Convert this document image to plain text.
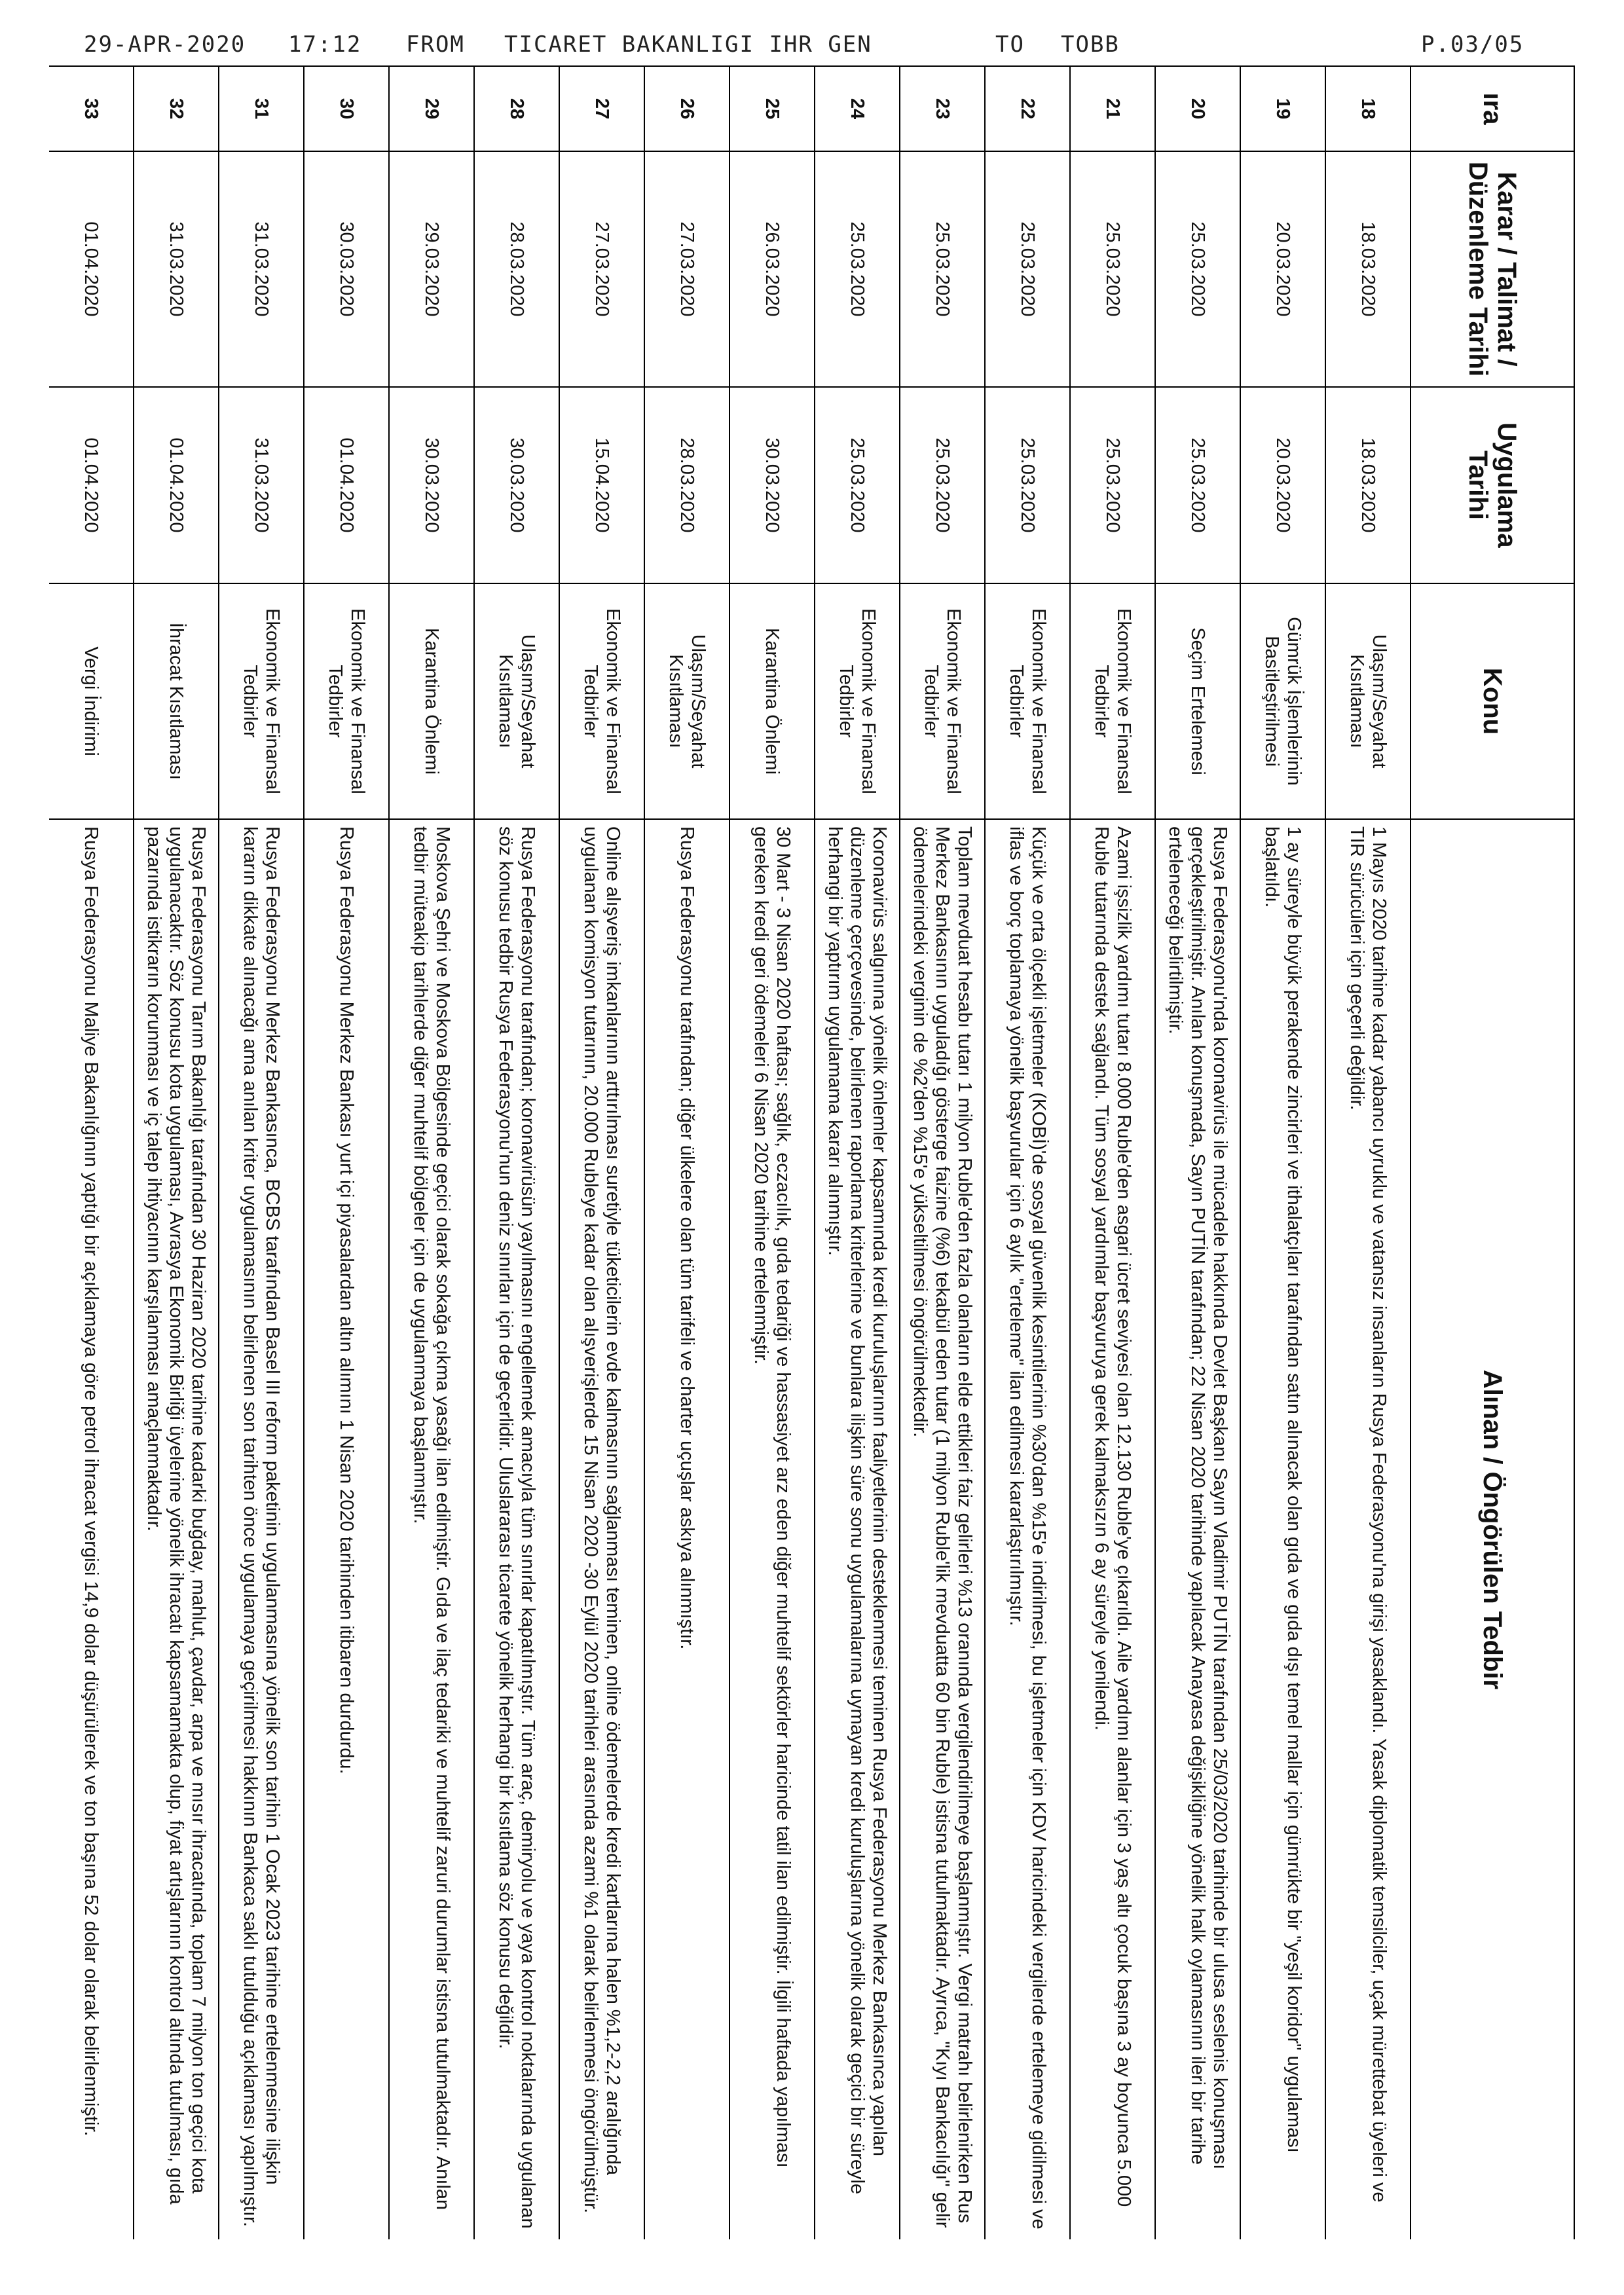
29-APR-2020 17:12 FROM TICARET BAKANLIGI IHR GEN	TO TOBB	P.03/05
ıra	Karar / Talimat / Düzenleme Tarihi	Uygulama Tarihi	Konu	Alınan / Öngörülen Tedbir
18	18.03.2020	18.03.2020	Ulaşım/Seyahat Kısıtlaması	1 Mayıs 2020 tarihine kadar yabancı uyruklu ve vatansız insanların Rusya Federasyonu'na girişi yasaklandı. Yasak diplomatik temsilciler, uçak mürettebat üyeleri ve TIR sürücüleri için geçerli değildir.
19	20.03.2020	20.03.2020	Gümrük İşlemlerinin Basitleştirilmesi	1 ay süreyle büyük perakende zincirleri ve ithalatçıları tarafından satın alınacak olan gıda ve gıda dışı temel mallar için gümrükte bir "yeşil koridor" uygulaması başlatıldı.
20	25.03.2020	25.03.2020	Seçim Ertelemesi	Rusya Federasyonu'nda koronavirüs ile mücadele hakkında Devlet Başkanı Sayın Vladimir PUTİN tarafından 25/03/2020 tarihinde bir ulusa seslenis konuşması gerçekleştirilmiştir. Anılan konuşmada, Sayın PUTİN tarafından; 22 Nisan 2020 tarihinde yapılacak Anayasa değişikliğine yönelik halk oylamasının ileri bir tarihe erteleneceği belirtilmiştir.
21	25.03.2020	25.03.2020	Ekonomik ve Finansal Tedbirler	Azami işsizlik yardımı tutarı 8.000 Ruble'den asgari ücret seviyesi olan 12.130 Ruble'ye çıkarıldı. Aile yardımı alanlar için 3 yaş altı çocuk başına 3 ay boyunca 5.000 Ruble tutarında destek sağlandı. Tüm sosyal yardımlar başvuruya gerek kalmaksızın 6 ay süreyle yenilendi.
22	25.03.2020	25.03.2020	Ekonomik ve Finansal Tedbirler	Küçük ve orta ölçekli işletmeler (KOBİ)'de sosyal güvenlik kesintilerinin %30'dan %15'e indirilmesi, bu işletmeler için KDV haricindeki vergilerde ertelemeye gidilmesi ve iflas ve borç toplamaya yönelik başvurular için 6 aylık "erteleme" ilan edilmesi kararlaştırılmıştır.
23	25.03.2020	25.03.2020	Ekonomik ve Finansal Tedbirler	Toplam mevduat hesabı tutarı 1 milyon Ruble'den fazla olanların elde ettikleri faiz gelirleri %13 oranında vergilendirilmeye başlanmıştır. Vergi matrahı belirlenirken Rus Merkez Bankasının uyguladığı gösterge faizine (%6) tekabül eden tutar (1 milyon Ruble'lik mevduatta 60 bin Ruble) istisna tutulmaktadır. Ayrıca, "Kıyı Bankacılığı" gelir ödemelerindeki verginin de %2'den %15'e yükseltilmesi öngörülmektedir.
24	25.03.2020	25.03.2020	Ekonomik ve Finansal Tedbirler	Koronavirüs salgınına yönelik önlemler kapsamında kredi kuruluşlarının faaliyetlerinin desteklenmesi teminen Rusya Federasyonu Merkez Bankasınca yapılan düzenleme çerçevesinde, belirlenen raporlama kriterlerine ve bunlara ilişkin süre sonu uygulamalarına uymayan kredi kuruluşlarına yönelik olarak geçici bir süreyle herhangi bir yaptırım uygulamama kararı alınmıştır.
25	26.03.2020	30.03.2020	Karantina Önlemi	30 Mart - 3 Nisan 2020 haftası; sağlık, eczacılık, gıda tedariği ve hassasiyet arz eden diğer muhtelif sektörler haricinde tatil ilan edilmiştir. İlgili haftada yapılması gereken kredi geri ödemeleri 6 Nisan 2020 tarihine ertelenmiştir.
26	27.03.2020	28.03.2020	Ulaşım/Seyahat Kısıtlaması	Rusya Federasyonu tarafından; diğer ülkelere olan tüm tarifeli ve charter uçuşlar askıya alınmıştır.
27	27.03.2020	15.04.2020	Ekonomik ve Finansal Tedbirler	Online alışveriş imkanlarının arttırılması suretiyle tüketicilerin evde kalmasının sağlanması teminen, online ödemelerde kredi kartlarına halen %1,2-2,2 aralığında uygulanan komisyon tutarının, 20.000 Rubleye kadar olan alışverişlerde 15 Nisan 2020 -30 Eylül 2020 tarihleri arasında azami %1 olarak belirlenmesi öngörülmüştür.
28	28.03.2020	30.03.2020	Ulaşım/Seyahat Kısıtlaması	Rusya Federasyonu tarafından; koronavirüsün yayılmasını engellemek amacıyla tüm sınırlar kapatılmıştır. Tüm araç, demiryolu ve yaya kontrol noktalarında uygulanan söz konusu tedbir Rusya Federasyonu'nun deniz sınırları için de geçerlidir. Uluslararası ticarete yönelik herhangi bir kısıtlama söz konusu değildir.
29	29.03.2020	30.03.2020	Karantina Önlemi	Moskova Şehri ve Moskova Bölgesinde geçici olarak sokağa çıkma yasağı ilan edilmiştir. Gıda ve ilaç tedariki ve muhtelif zaruri durumlar istisna tutulmaktadır. Anılan tedbir müteakip tarihlerde diğer muhtelif bölgeler için de uygulanmaya başlanmıştır.
30	30.03.2020	01.04.2020	Ekonomik ve Finansal Tedbirler	Rusya Federasyonu Merkez Bankası yurt içi piyasalardan altın alımını 1 Nisan 2020 tarihinden itibaren durdurdu.
31	31.03.2020	31.03.2020	Ekonomik ve Finansal Tedbirler	Rusya Federasyonu Merkez Bankasınca, BCBS tarafından Basel III reform paketinin uygulanmasına yönelik son tarihin 1 Ocak 2023 tarihine ertelenmesine ilişkin kararın dikkate alınacağı ama anılan kriter uygulamasının belirlenen son tarihten önce uygulamaya geçirilmesi hakkının Bankaca saklı tutulduğu açıklaması yapılmıştır.
32	31.03.2020	01.04.2020	İhracat Kısıtlaması	Rusya Federasyonu Tarım Bakanlığı tarafından 30 Haziran 2020 tarihine kadarki buğday, mahlut, çavdar, arpa ve mısır ihracatında, toplam 7 milyon ton geçici kota uygulanacaktır. Söz konusu kota uygulaması, Avrasya Ekonomik Birliği üyelerine yönelik ihracatı kapsamamakta olup, fiyat artışlarının kontrol altında tutulması, gıda pazarında istikrarın korunması ve iç talep ihtiyacının karşılanması amaçlanmaktadır.
33	01.04.2020	01.04.2020	Vergi İndirimi	Rusya Federasyonu Maliye Bakanlığının yaptığı bir açıklamaya göre petrol ihracat vergisi 14,9 dolar düşürülerek ve ton başına 52 dolar olarak belirlenmiştir.
